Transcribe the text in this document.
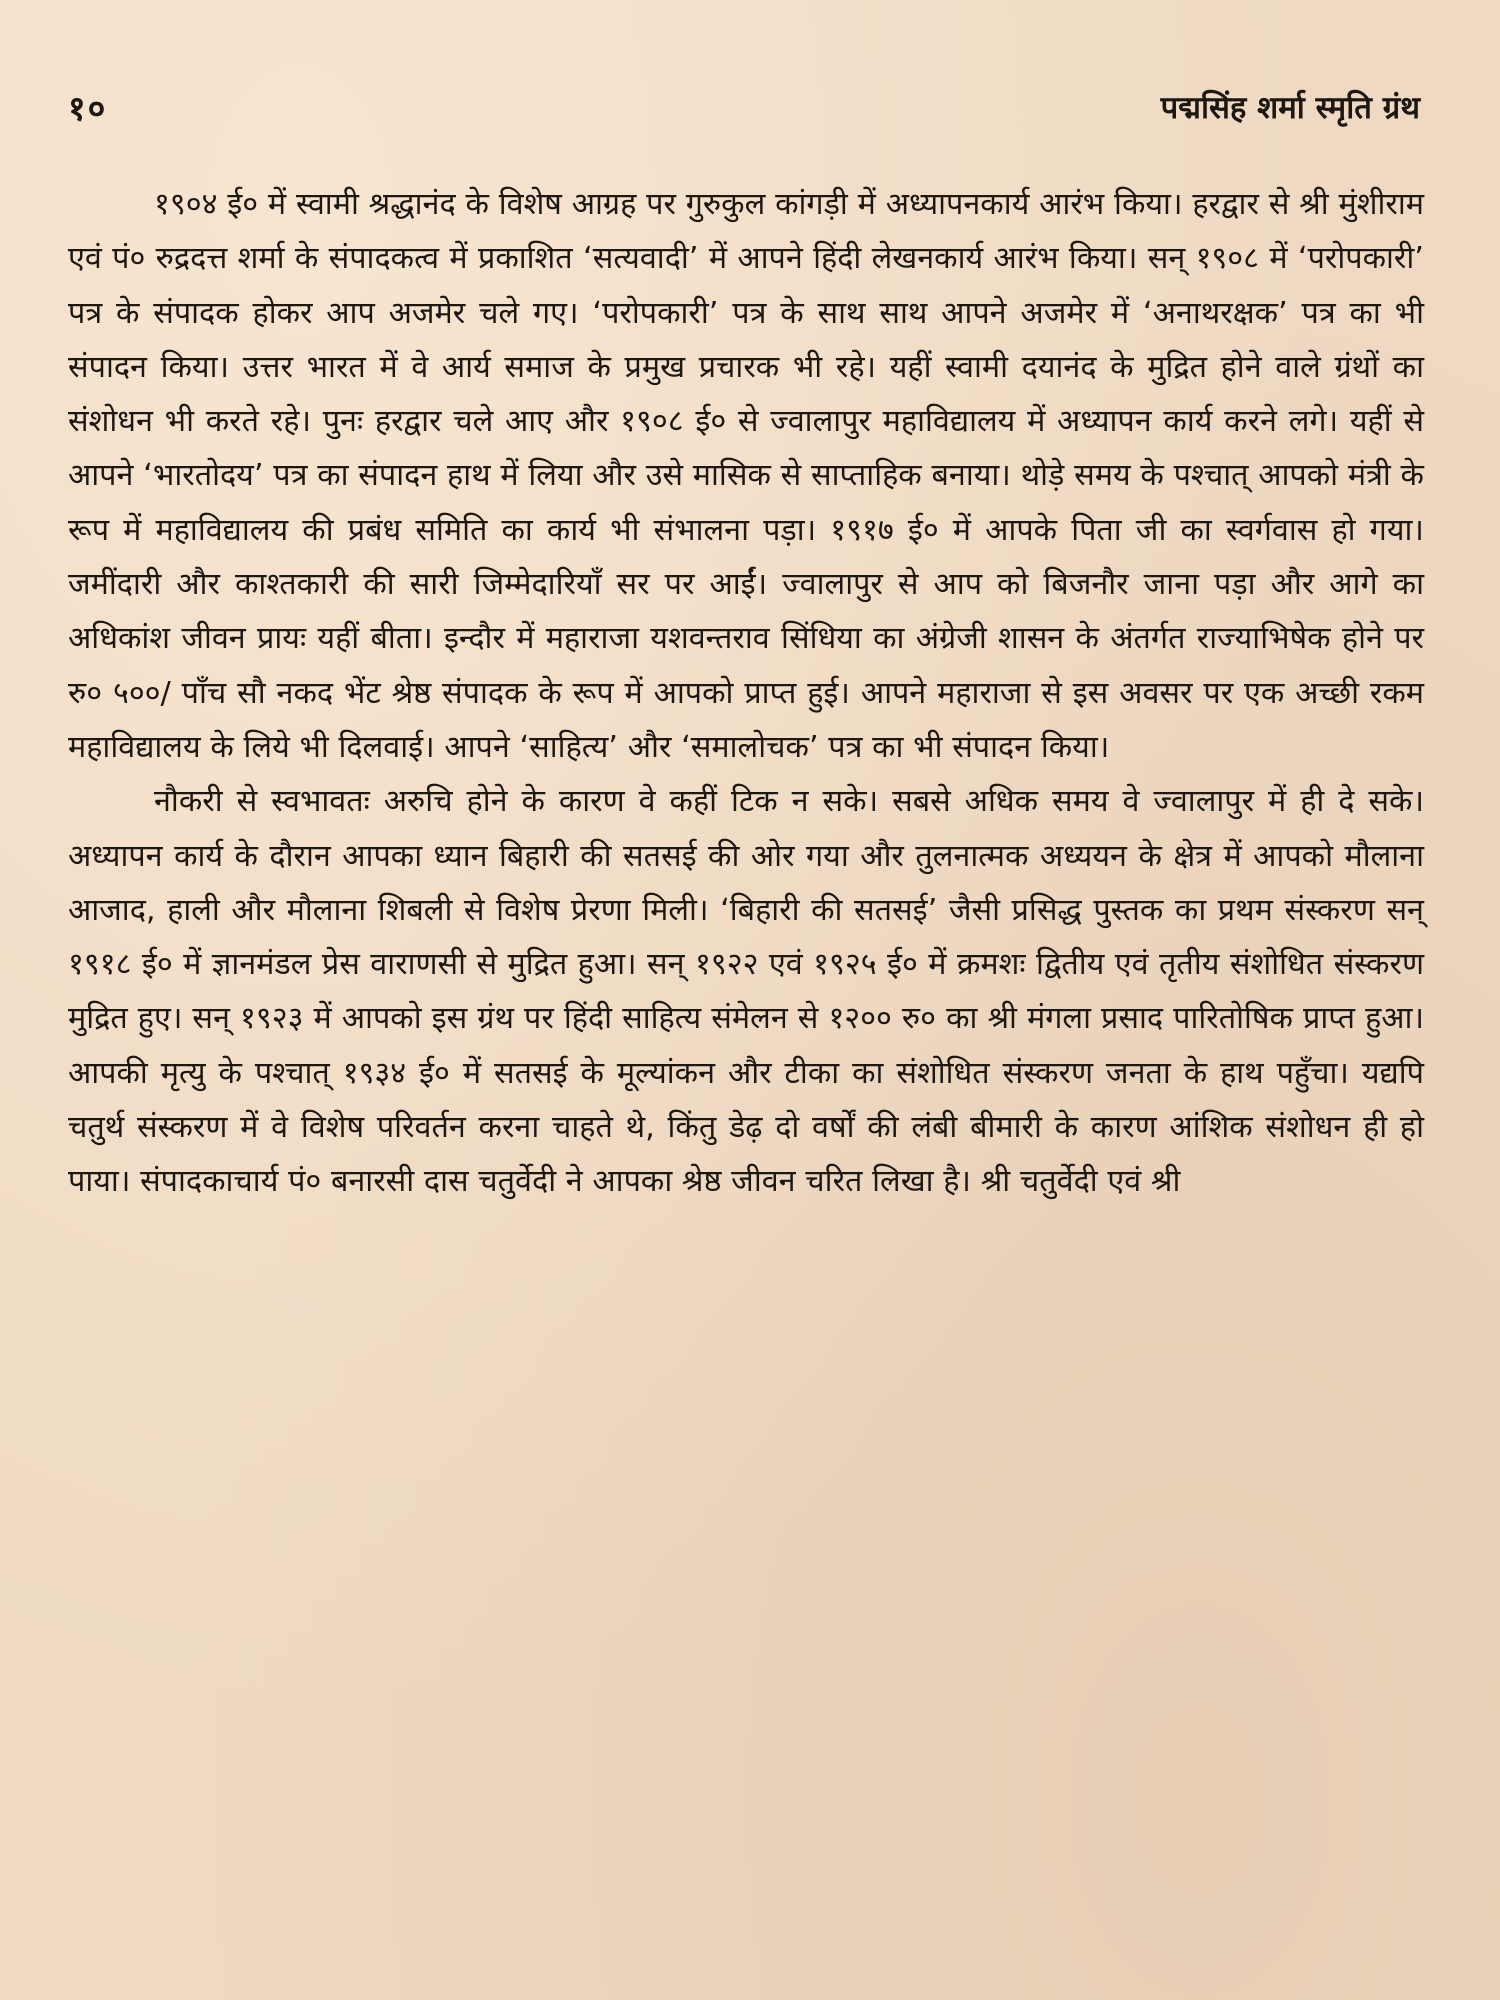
१०	पद्मसिंह शर्मा स्मृति ग्रंथ

१९०४ ई० में स्वामी श्रद्धानंद के विशेष आग्रह पर गुरुकुल कांगड़ी में अध्यापनकार्य आरंभ किया। हरद्वार से श्री मुंशीराम एवं पं० रुद्रदत्त शर्मा के संपादकत्व में प्रकाशित ‘सत्यवादी’ में आपने हिंदी लेखनकार्य आरंभ किया। सन् १९०८ में ‘परोपकारी’ पत्र के संपादक होकर आप अजमेर चले गए। ‘परोपकारी’ पत्र के साथ साथ आपने अजमेर में ‘अनाथरक्षक’ पत्र का भी संपादन किया। उत्तर भारत में वे आर्य समाज के प्रमुख प्रचारक भी रहे। यहीं स्वामी दयानंद के मुद्रित होने वाले ग्रंथों का संशोधन भी करते रहे। पुनः हरद्वार चले आए और १९०८ ई० से ज्वालापुर महाविद्यालय में अध्यापन कार्य करने लगे। यहीं से आपने ‘भारतोदय’ पत्र का संपादन हाथ में लिया और उसे मासिक से साप्ताहिक बनाया। थोड़े समय के पश्चात् आपको मंत्री के रूप में महाविद्यालय की प्रबंध समिति का कार्य भी संभालना पड़ा। १९१७ ई० में आपके पिता जी का स्वर्गवास हो गया। जमींदारी और काश्तकारी की सारी जिम्मेदारियाँ सर पर आईं। ज्वालापुर से आप को बिजनौर जाना पड़ा और आगे का अधिकांश जीवन प्रायः यहीं बीता। इन्दौर में महाराजा यशवन्तराव सिंधिया का अंग्रेजी शासन के अंतर्गत राज्याभिषेक होने पर रु० ५००/ पाँच सौ नकद भेंट श्रेष्ठ संपादक के रूप में आपको प्राप्त हुई। आपने महाराजा से इस अवसर पर एक अच्छी रकम महाविद्यालय के लिये भी दिलवाई। आपने ‘साहित्य’ और ‘समालोचक’ पत्र का भी संपादन किया।

नौकरी से स्वभावतः अरुचि होने के कारण वे कहीं टिक न सके। सबसे अधिक समय वे ज्वालापुर में ही दे सके। अध्यापन कार्य के दौरान आपका ध्यान बिहारी की सतसई की ओर गया और तुलनात्मक अध्ययन के क्षेत्र में आपको मौलाना आजाद, हाली और मौलाना शिबली से विशेष प्रेरणा मिली। ‘बिहारी की सतसई’ जैसी प्रसिद्ध पुस्तक का प्रथम संस्करण सन् १९१८ ई० में ज्ञानमंडल प्रेस वाराणसी से मुद्रित हुआ। सन् १९२२ एवं १९२५ ई० में क्रमशः द्वितीय एवं तृतीय संशोधित संस्करण मुद्रित हुए। सन् १९२३ में आपको इस ग्रंथ पर हिंदी साहित्य संमेलन से १२०० रु० का श्री मंगला प्रसाद पारितोषिक प्राप्त हुआ। आपकी मृत्यु के पश्चात् १९३४ ई० में सतसई के मूल्यांकन और टीका का संशोधित संस्करण जनता के हाथ पहुँचा। यद्यपि चतुर्थ संस्करण में वे विशेष परिवर्तन करना चाहते थे, किंतु डेढ़ दो वर्षों की लंबी बीमारी के कारण आंशिक संशोधन ही हो पाया। संपादकाचार्य पं० बनारसी दास चतुर्वेदी ने आपका श्रेष्ठ जीवन चरित लिखा है। श्री चतुर्वेदी एवं श्री
